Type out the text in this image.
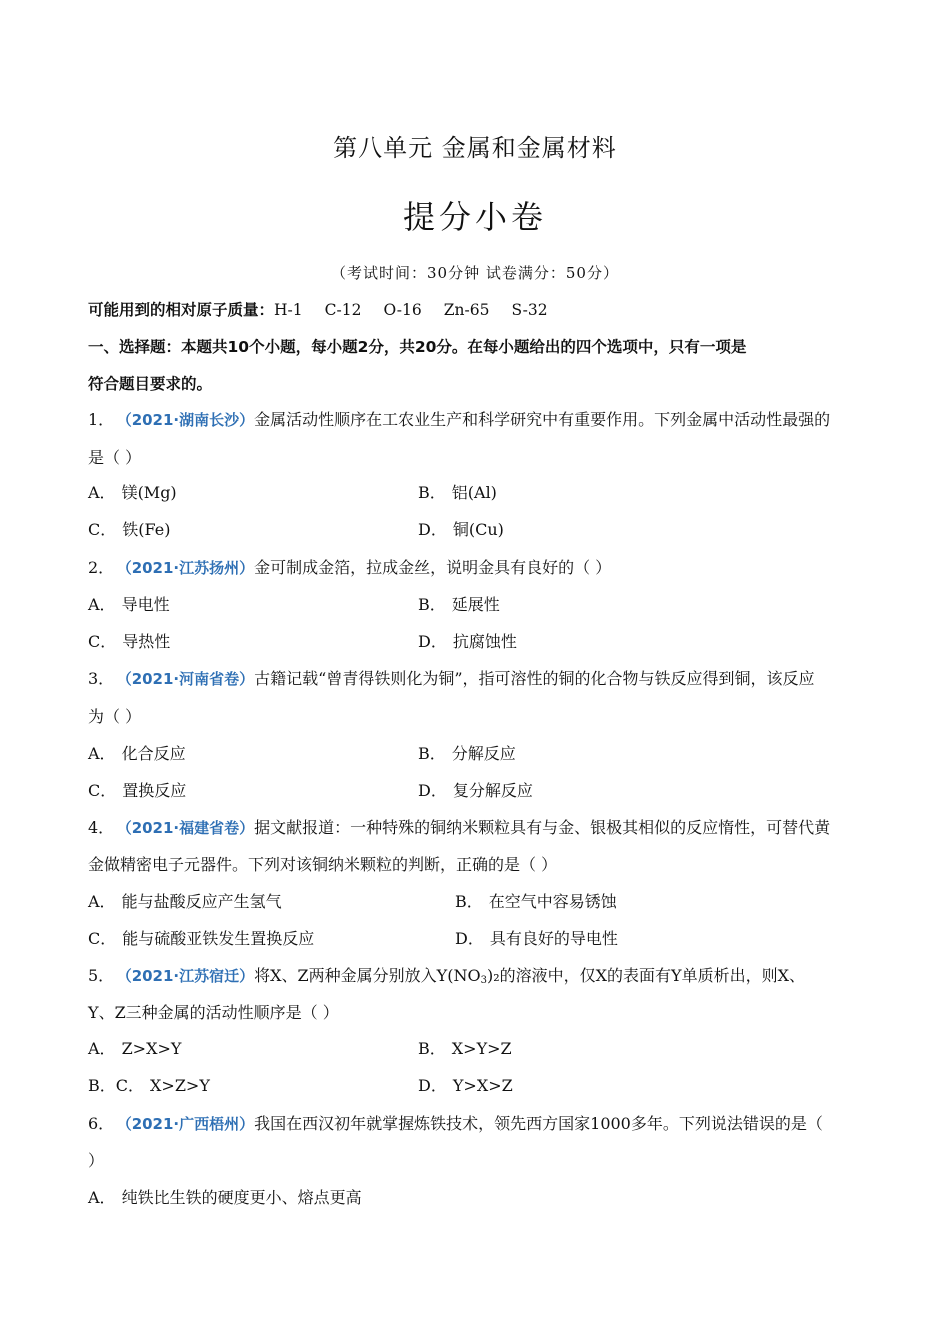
第八单元 金属和金属材料
提分小卷
（考试时间：30分钟 试卷满分：50分）
可能用到的相对原子质量：H-1 C-12 O-16 Zn-65 S-32
一、选择题：本题共10个小题，每小题2分，共20分。在每小题给出的四个选项中，只有一项是
符合题目要求的。
1． （2021·湖南长沙）金属活动性顺序在工农业生产和科学研究中有重要作用。下列金属中活动性最强的
是（ ）
A． 镁(Mg)	B． 铝(Al)
C． 铁(Fe)	D． 铜(Cu)
2． （2021·江苏扬州）金可制成金箔，拉成金丝，说明金具有良好的（ ）
A． 导电性	B． 延展性
C． 导热性	D． 抗腐蚀性
3． （2021·河南省卷）古籍记载“曾青得铁则化为铜”，指可溶性的铜的化合物与铁反应得到铜，该反应
为（ ）
A． 化合反应	B． 分解反应
C． 置换反应	D． 复分解反应
4． （2021·福建省卷）据文献报道：一种特殊的铜纳米颗粒具有与金、银极其相似的反应惰性，可替代黄
金做精密电子元器件。下列对该铜纳米颗粒的判断，正确的是（ ）
A． 能与盐酸反应产生氢气	B． 在空气中容易锈蚀
C． 能与硫酸亚铁发生置换反应	D． 具有良好的导电性
5． （2021·江苏宿迁）将X、Z两种金属分别放入$Y(NO_3)_2$的溶液中，仅X的表面有Y单质析出，则X、
Y、Z三种金属的活动性顺序是（ ）
A． Z>X>Y	B． X>Y>Z
B．C． X>Z>Y	D． Y>X>Z
6． （2021·广西梧州）我国在西汉初年就掌握炼铁技术，领先西方国家1000多年。下列说法错误的是（
）
A． 纯铁比生铁的硬度更小、熔点更高
